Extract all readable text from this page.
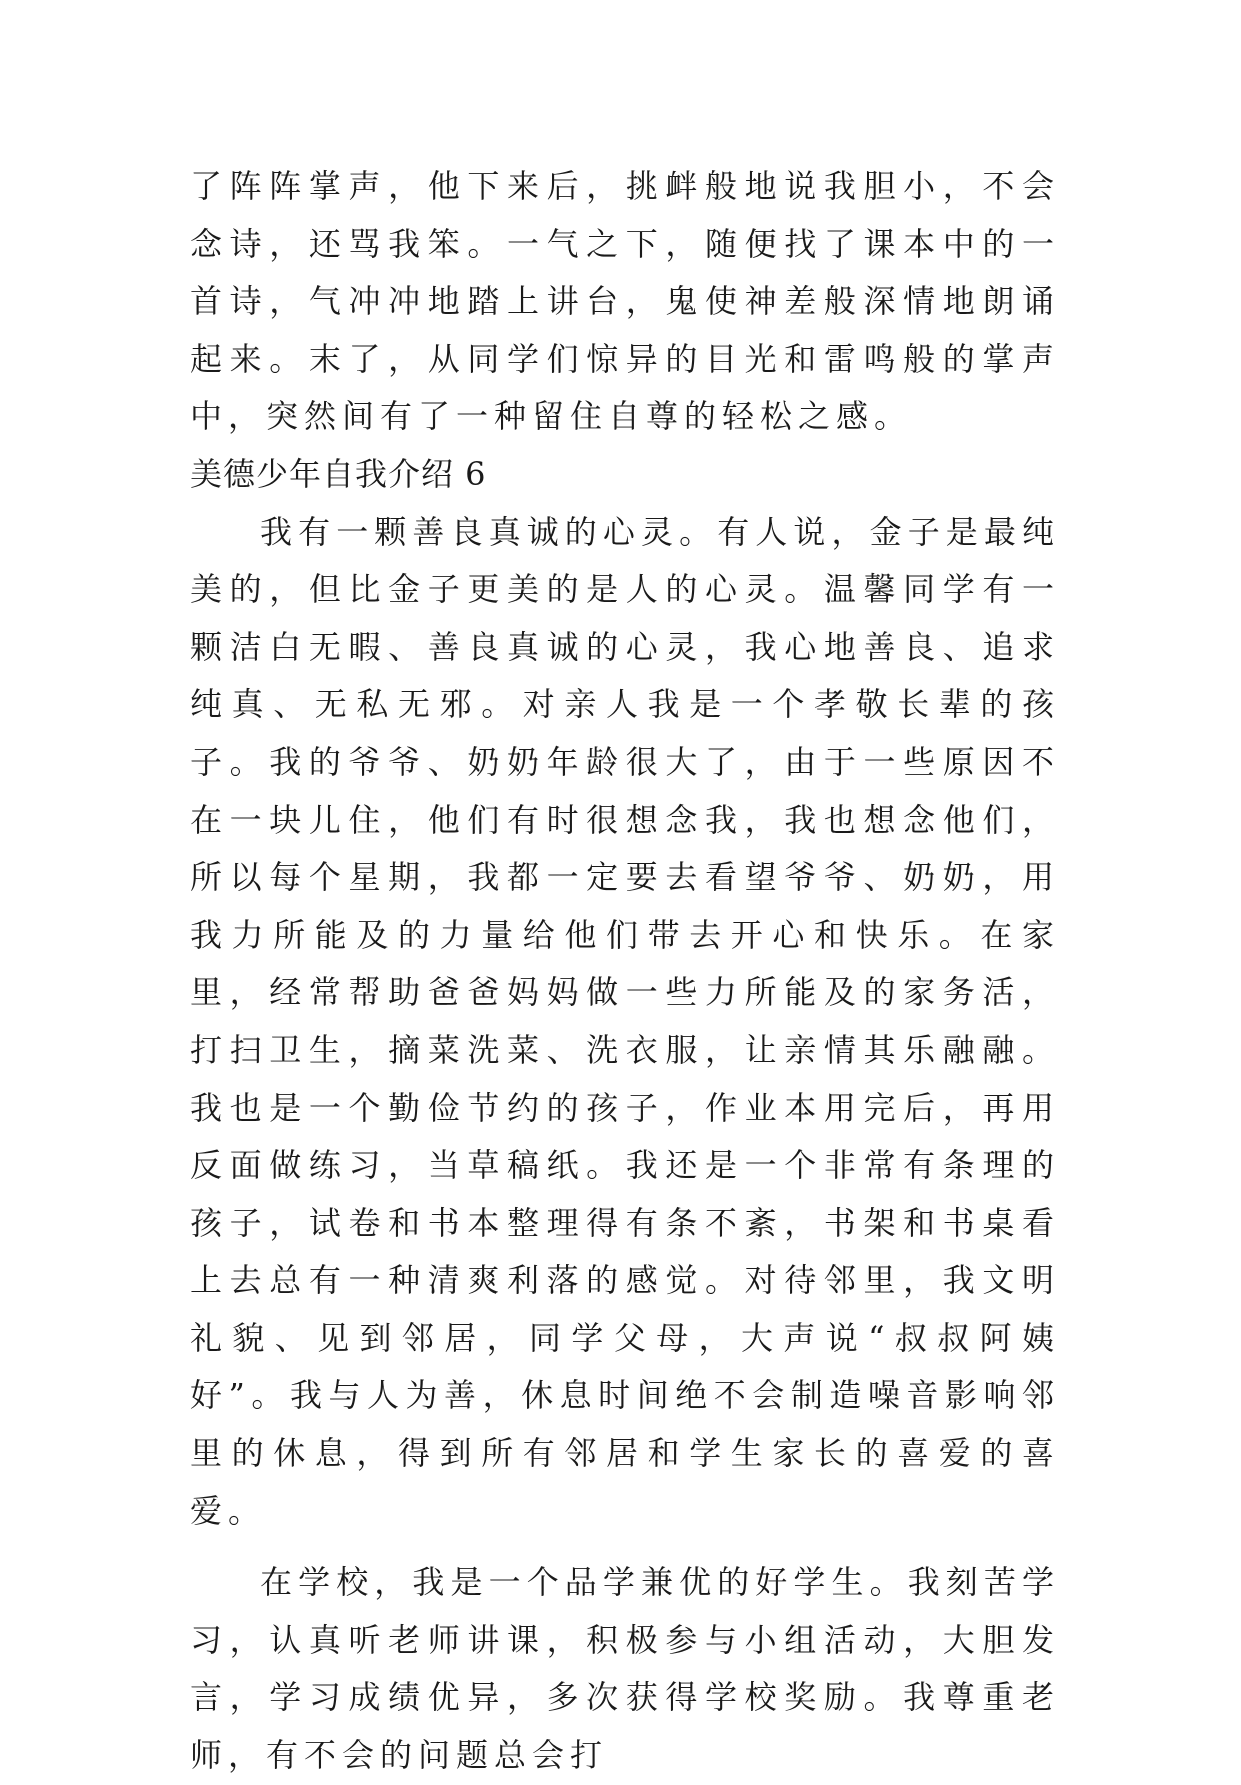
了阵阵掌声，他下来后，挑衅般地说我胆小，不会念诗，还骂我笨。一气之下，随便找了课本中的一首诗，气冲冲地踏上讲台，鬼使神差般深情地朗诵起来。末了，从同学们惊异的目光和雷鸣般的掌声中，突然间有了一种留住自尊的轻松之感。

美德少年自我介绍 6

我有一颗善良真诚的心灵。有人说，金子是最纯美的，但比金子更美的是人的心灵。温馨同学有一颗洁白无暇、善良真诚的心灵，我心地善良、追求纯真、无私无邪。对亲人我是一个孝敬长辈的孩子。我的爷爷、奶奶年龄很大了，由于一些原因不在一块儿住，他们有时很想念我，我也想念他们，所以每个星期，我都一定要去看望爷爷、奶奶，用我力所能及的力量给他们带去开心和快乐。在家里，经常帮助爸爸妈妈做一些力所能及的家务活，打扫卫生，摘菜洗菜、洗衣服，让亲情其乐融融。我也是一个勤俭节约的孩子，作业本用完后，再用反面做练习，当草稿纸。我还是一个非常有条理的孩子，试卷和书本整理得有条不紊，书架和书桌看上去总有一种清爽利落的感觉。对待邻里，我文明礼貌、见到邻居，同学父母，大声说“叔叔阿姨好”。我与人为善，休息时间绝不会制造噪音影响邻里的休息，得到所有邻居和学生家长的喜爱的喜爱。

在学校，我是一个品学兼优的好学生。我刻苦学习，认真听老师讲课，积极参与小组活动，大胆发言，学习成绩优异，多次获得学校奖励。我尊重老师，有不会的问题总会打
